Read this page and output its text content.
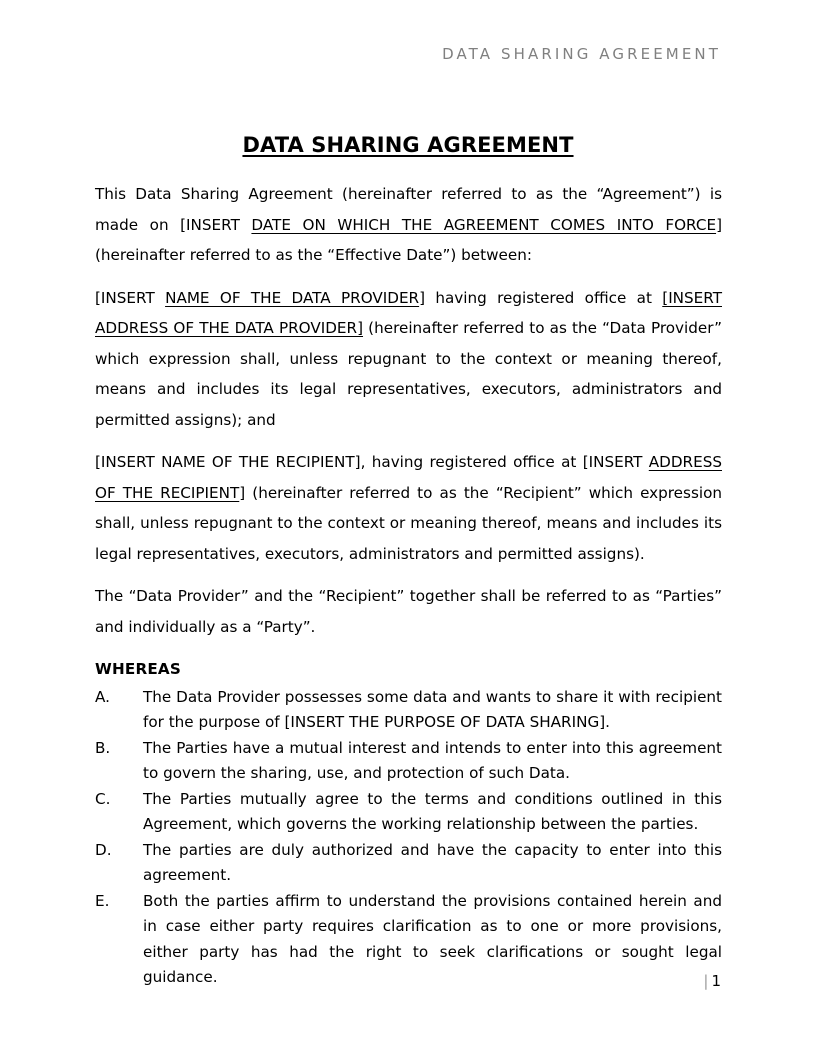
DATA SHARING AGREEMENT
DATA SHARING AGREEMENT

This Data Sharing Agreement (hereinafter referred to as the “Agreement”) is made on [INSERT DATE ON WHICH THE AGREEMENT COMES INTO FORCE] (hereinafter referred to as the “Effective Date”) between:

[INSERT NAME OF THE DATA PROVIDER] having registered office at [INSERT ADDRESS OF THE DATA PROVIDER] (hereinafter referred to as the “Data Provider” which expression shall, unless repugnant to the context or meaning thereof, means and includes its legal representatives, executors, administrators and permitted assigns); and

[INSERT NAME OF THE RECIPIENT], having registered office at [INSERT ADDRESS OF THE RECIPIENT] (hereinafter referred to as the “Recipient” which expression shall, unless repugnant to the context or meaning thereof, means and includes its legal representatives, executors, administrators and permitted assigns).

The “Data Provider” and the “Recipient” together shall be referred to as “Parties” and individually as a “Party”.

WHEREAS
A.	The Data Provider possesses some data and wants to share it with recipient for the purpose of [INSERT THE PURPOSE OF DATA SHARING].
B.	The Parties have a mutual interest and intends to enter into this agreement to govern the sharing, use, and protection of such Data.
C.	The Parties mutually agree to the terms and conditions outlined in this Agreement, which governs the working relationship between the parties.
D.	The parties are duly authorized and have the capacity to enter into this agreement.
E.	Both the parties affirm to understand the provisions contained herein and in case either party requires clarification as to one or more provisions, either party has had the right to seek clarifications or sought legal guidance.	| 1
